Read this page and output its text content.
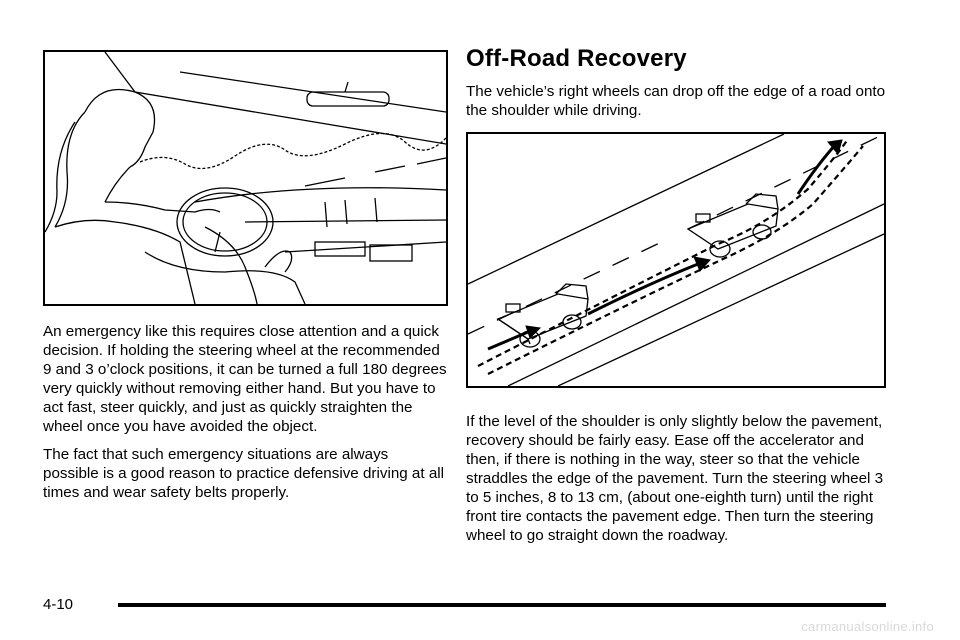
An emergency like this requires close attention and a quick decision. If holding the steering wheel at the recommended 9 and 3 o’clock positions, it can be turned a full 180 degrees very quickly without removing either hand. But you have to act fast, steer quickly, and just as quickly straighten the wheel once you have avoided the object.

The fact that such emergency situations are always possible is a good reason to practice defensive driving at all times and wear safety belts properly.

Off-Road Recovery

The vehicle’s right wheels can drop off the edge of a road onto the shoulder while driving.

If the level of the shoulder is only slightly below the pavement, recovery should be fairly easy. Ease off the accelerator and then, if there is nothing in the way, steer so that the vehicle straddles the edge of the pavement. Turn the steering wheel 3 to 5 inches, 8 to 13 cm, (about one-eighth turn) until the right front tire contacts the pavement edge. Then turn the steering wheel to go straight down the roadway.

4-10
carmanualsonline.info
